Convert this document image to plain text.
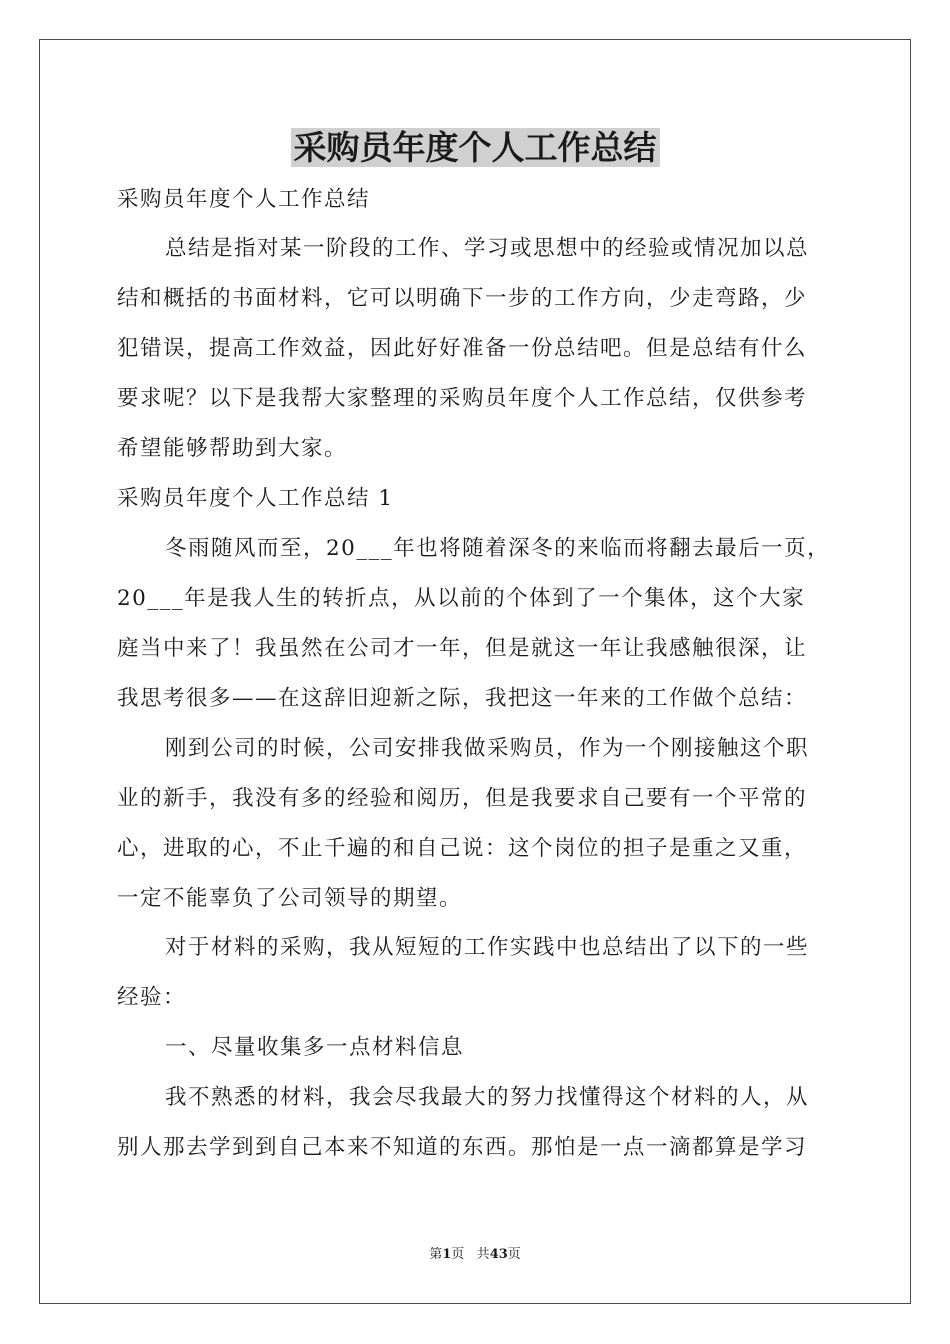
采购员年度个人工作总结
采购员年度个人工作总结
总结是指对某一阶段的工作、学习或思想中的经验或情况加以总
结和概括的书面材料，它可以明确下一步的工作方向，少走弯路，少
犯错误，提高工作效益，因此好好准备一份总结吧。但是总结有什么
要求呢？以下是我帮大家整理的采购员年度个人工作总结，仅供参考
希望能够帮助到大家。
采购员年度个人工作总结 1
冬雨随风而至，20___年也将随着深冬的来临而将翻去最后一页，
20___年是我人生的转折点，从以前的个体到了一个集体，这个大家
庭当中来了！我虽然在公司才一年，但是就这一年让我感触很深，让
我思考很多——在这辞旧迎新之际，我把这一年来的工作做个总结：
刚到公司的时候，公司安排我做采购员，作为一个刚接触这个职
业的新手，我没有多的经验和阅历，但是我要求自己要有一个平常的
心，进取的心，不止千遍的和自己说：这个岗位的担子是重之又重，
一定不能辜负了公司领导的期望。
对于材料的采购，我从短短的工作实践中也总结出了以下的一些
经验：
一、尽量收集多一点材料信息
我不熟悉的材料，我会尽我最大的努力找懂得这个材料的人，从
别人那去学到到自己本来不知道的东西。那怕是一点一滴都算是学习
第1页 共43页
